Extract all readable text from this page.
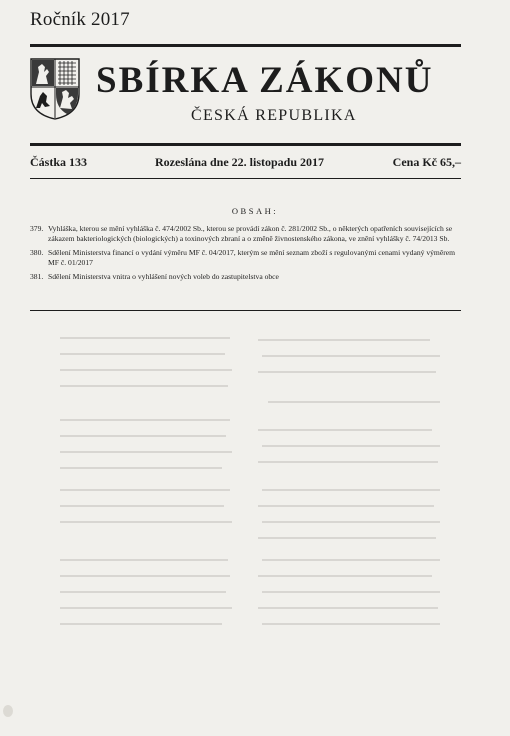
Ročník 2017
SBÍRKA ZÁKONŮ
ČESKÁ REPUBLIKA
Částka 133	Rozeslána dne 22. listopadu 2017	Cena Kč 65,–
OBSAH:
379. Vyhláška, kterou se mění vyhláška č. 474/2002 Sb., kterou se provádí zákon č. 281/2002 Sb., o některých opatřeních souvisejících se zákazem bakteriologických (biologických) a toxinových zbraní a o změně živnostenského zákona, ve znění vyhlášky č. 74/2013 Sb.
380. Sdělení Ministerstva financí o vydání výměru MF č. 04/2017, kterým se mění seznam zboží s regulovanými cenami vydaný výměrem MF č. 01/2017
381. Sdělení Ministerstva vnitra o vyhlášení nových voleb do zastupitelstva obce
